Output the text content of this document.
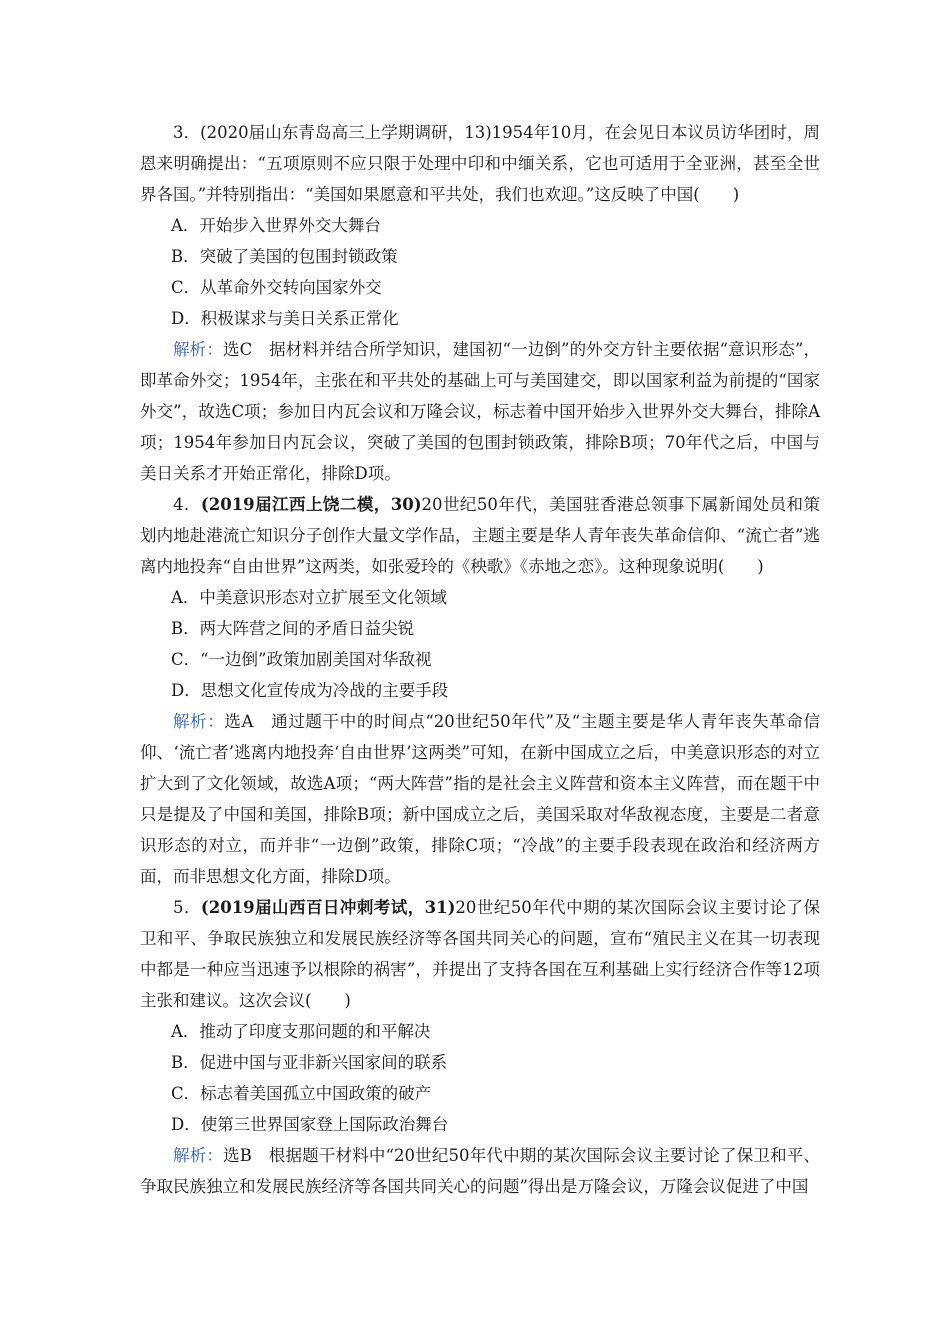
3．(2020届山东青岛高三上学期调研，13)1954年10月，在会见日本议员访华团时，周恩来明确提出：“五项原则不应只限于处理中印和中缅关系，它也可适用于全亚洲，甚至全世界各国。”并特别指出：“美国如果愿意和平共处，我们也欢迎。”这反映了中国(　　)
A．开始步入世界外交大舞台
B．突破了美国的包围封锁政策
C．从革命外交转向国家外交
D．积极谋求与美日关系正常化
解析：选C　据材料并结合所学知识，建国初“一边倒”的外交方针主要依据“意识形态”，即革命外交；1954年，主张在和平共处的基础上可与美国建交，即以国家利益为前提的“国家外交”，故选C项；参加日内瓦会议和万隆会议，标志着中国开始步入世界外交大舞台，排除A项；1954年参加日内瓦会议，突破了美国的包围封锁政策，排除B项；70年代之后，中国与美日关系才开始正常化，排除D项。
4．(2019届江西上饶二模，30)20世纪50年代，美国驻香港总领事下属新闻处员和策划内地赴港流亡知识分子创作大量文学作品，主题主要是华人青年丧失革命信仰、“流亡者”逃离内地投奔“自由世界”这两类，如张爱玲的《秧歌》《赤地之恋》。这种现象说明(　　)
A．中美意识形态对立扩展至文化领域
B．两大阵营之间的矛盾日益尖锐
C．“一边倒”政策加剧美国对华敌视
D．思想文化宣传成为冷战的主要手段
解析：选A　通过题干中的时间点“20世纪50年代”及“主题主要是华人青年丧失革命信仰、‘流亡者’逃离内地投奔‘自由世界’这两类”可知，在新中国成立之后，中美意识形态的对立扩大到了文化领域，故选A项；“两大阵营”指的是社会主义阵营和资本主义阵营，而在题干中只是提及了中国和美国，排除B项；新中国成立之后，美国采取对华敌视态度，主要是二者意识形态的对立，而并非“一边倒”政策，排除C项；“冷战”的主要手段表现在政治和经济两方面，而非思想文化方面，排除D项。
5．(2019届山西百日冲刺考试，31)20世纪50年代中期的某次国际会议主要讨论了保卫和平、争取民族独立和发展民族经济等各国共同关心的问题，宣布“殖民主义在其一切表现中都是一种应当迅速予以根除的祸害”，并提出了支持各国在互利基础上实行经济合作等12项主张和建议。这次会议(　　)
A．推动了印度支那问题的和平解决
B．促进中国与亚非新兴国家间的联系
C．标志着美国孤立中国政策的破产
D．使第三世界国家登上国际政治舞台
解析：选B　根据题干材料中“20世纪50年代中期的某次国际会议主要讨论了保卫和平、争取民族独立和发展民族经济等各国共同关心的问题”得出是万隆会议，万隆会议促进了中国
